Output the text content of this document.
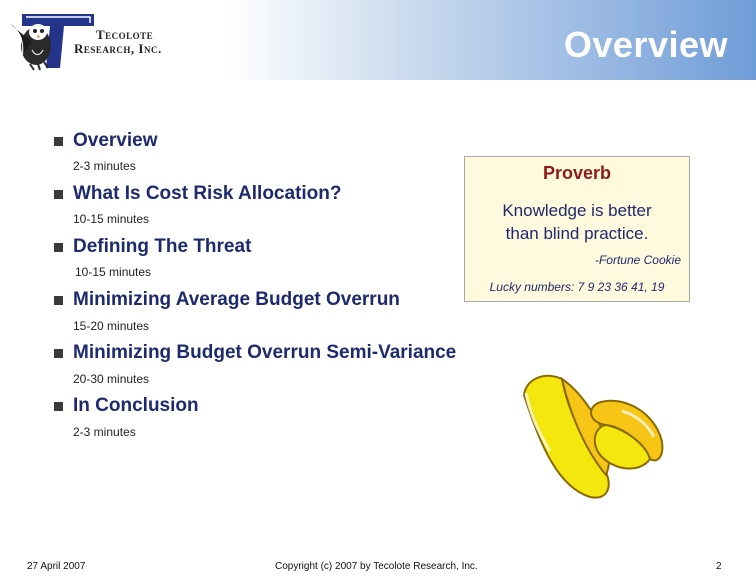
Tecolote
Research, Inc.	Overview
Overview
2-3 minutes
What Is Cost Risk Allocation?
10-15 minutes
Defining The Threat
10-15 minutes
Minimizing Average Budget Overrun
15-20 minutes
Minimizing Budget Overrun Semi-Variance
20-30 minutes
In Conclusion
2-3 minutes
Proverb
Knowledge is better
than blind practice.
-Fortune Cookie
Lucky numbers: 7 9 23 36 41, 19
27 April 2007	Copyright (c) 2007 by Tecolote Research, Inc.	2
